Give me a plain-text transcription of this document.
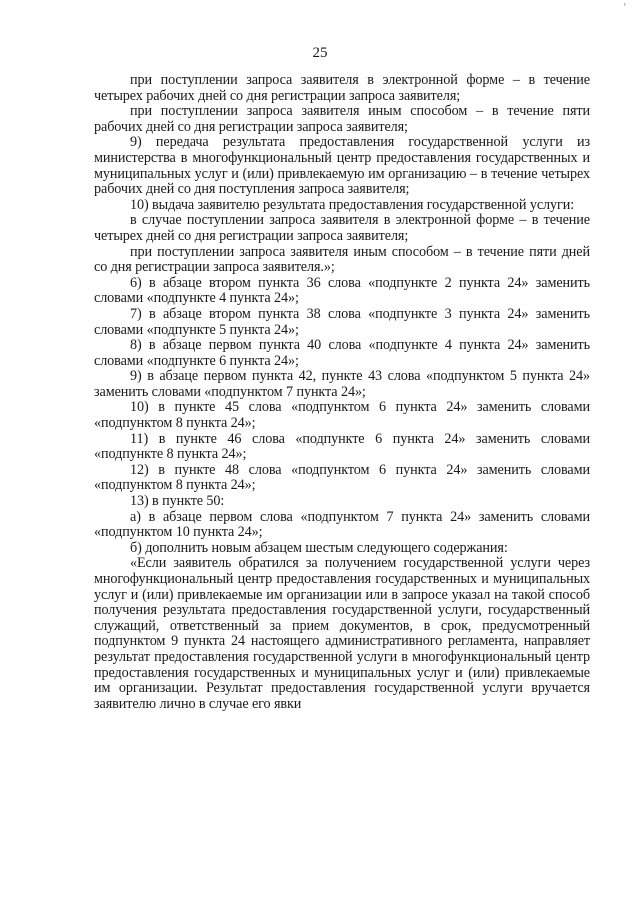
‘
25

при поступлении запроса заявителя в электронной форме – в течение четырех рабочих дней со дня регистрации запроса заявителя;

при поступлении запроса заявителя иным способом – в течение пяти рабочих дней со дня регистрации запроса заявителя;

9) передача результата предоставления государственной услуги из министерства в многофункциональный центр предоставления государственных и муниципальных услуг и (или) привлекаемую им организацию – в течение четырех рабочих дней со дня поступления запроса заявителя;

10) выдача заявителю результата предоставления государственной услуги:

в случае поступлении запроса заявителя в электронной форме – в течение четырех дней со дня регистрации запроса заявителя;

при поступлении запроса заявителя иным способом – в течение пяти дней со дня регистрации запроса заявителя.»;

6) в абзаце втором пункта 36 слова «подпункте 2 пункта 24» заменить словами «подпункте 4 пункта 24»;

7) в абзаце втором пункта 38 слова «подпункте 3 пункта 24» заменить словами «подпункте 5 пункта 24»;

8) в абзаце первом пункта 40 слова «подпункте 4 пункта 24» заменить словами «подпункте 6 пункта 24»;

9) в абзаце первом пункта 42, пункте 43 слова «подпунктом 5 пункта 24» заменить словами «подпунктом 7 пункта 24»;

10) в пункте 45 слова «подпунктом 6 пункта 24» заменить словами «подпунктом 8 пункта 24»;

11) в пункте 46 слова «подпункте 6 пункта 24» заменить словами «подпункте 8 пункта 24»;

12) в пункте 48 слова «подпунктом 6 пункта 24» заменить словами «подпунктом 8 пункта 24»;

13) в пункте 50:

а) в абзаце первом слова «подпунктом 7 пункта 24» заменить словами «подпунктом 10 пункта 24»;

б) дополнить новым абзацем шестым следующего содержания:

«Если заявитель обратился за получением государственной услуги через многофункциональный центр предоставления государственных и муниципальных услуг и (или) привлекаемые им организации или в запросе указал на такой способ получения результата предоставления государственной услуги, государственный служащий, ответственный за прием документов, в срок, предусмотренный подпунктом 9 пункта 24 настоящего административного регламента, направляет результат предоставления государственной услуги в многофункциональный центр предоставления государственных и муниципальных услуг и (или) привлекаемые им организации. Результат предоставления государственной услуги вручается заявителю лично в случае его явки
